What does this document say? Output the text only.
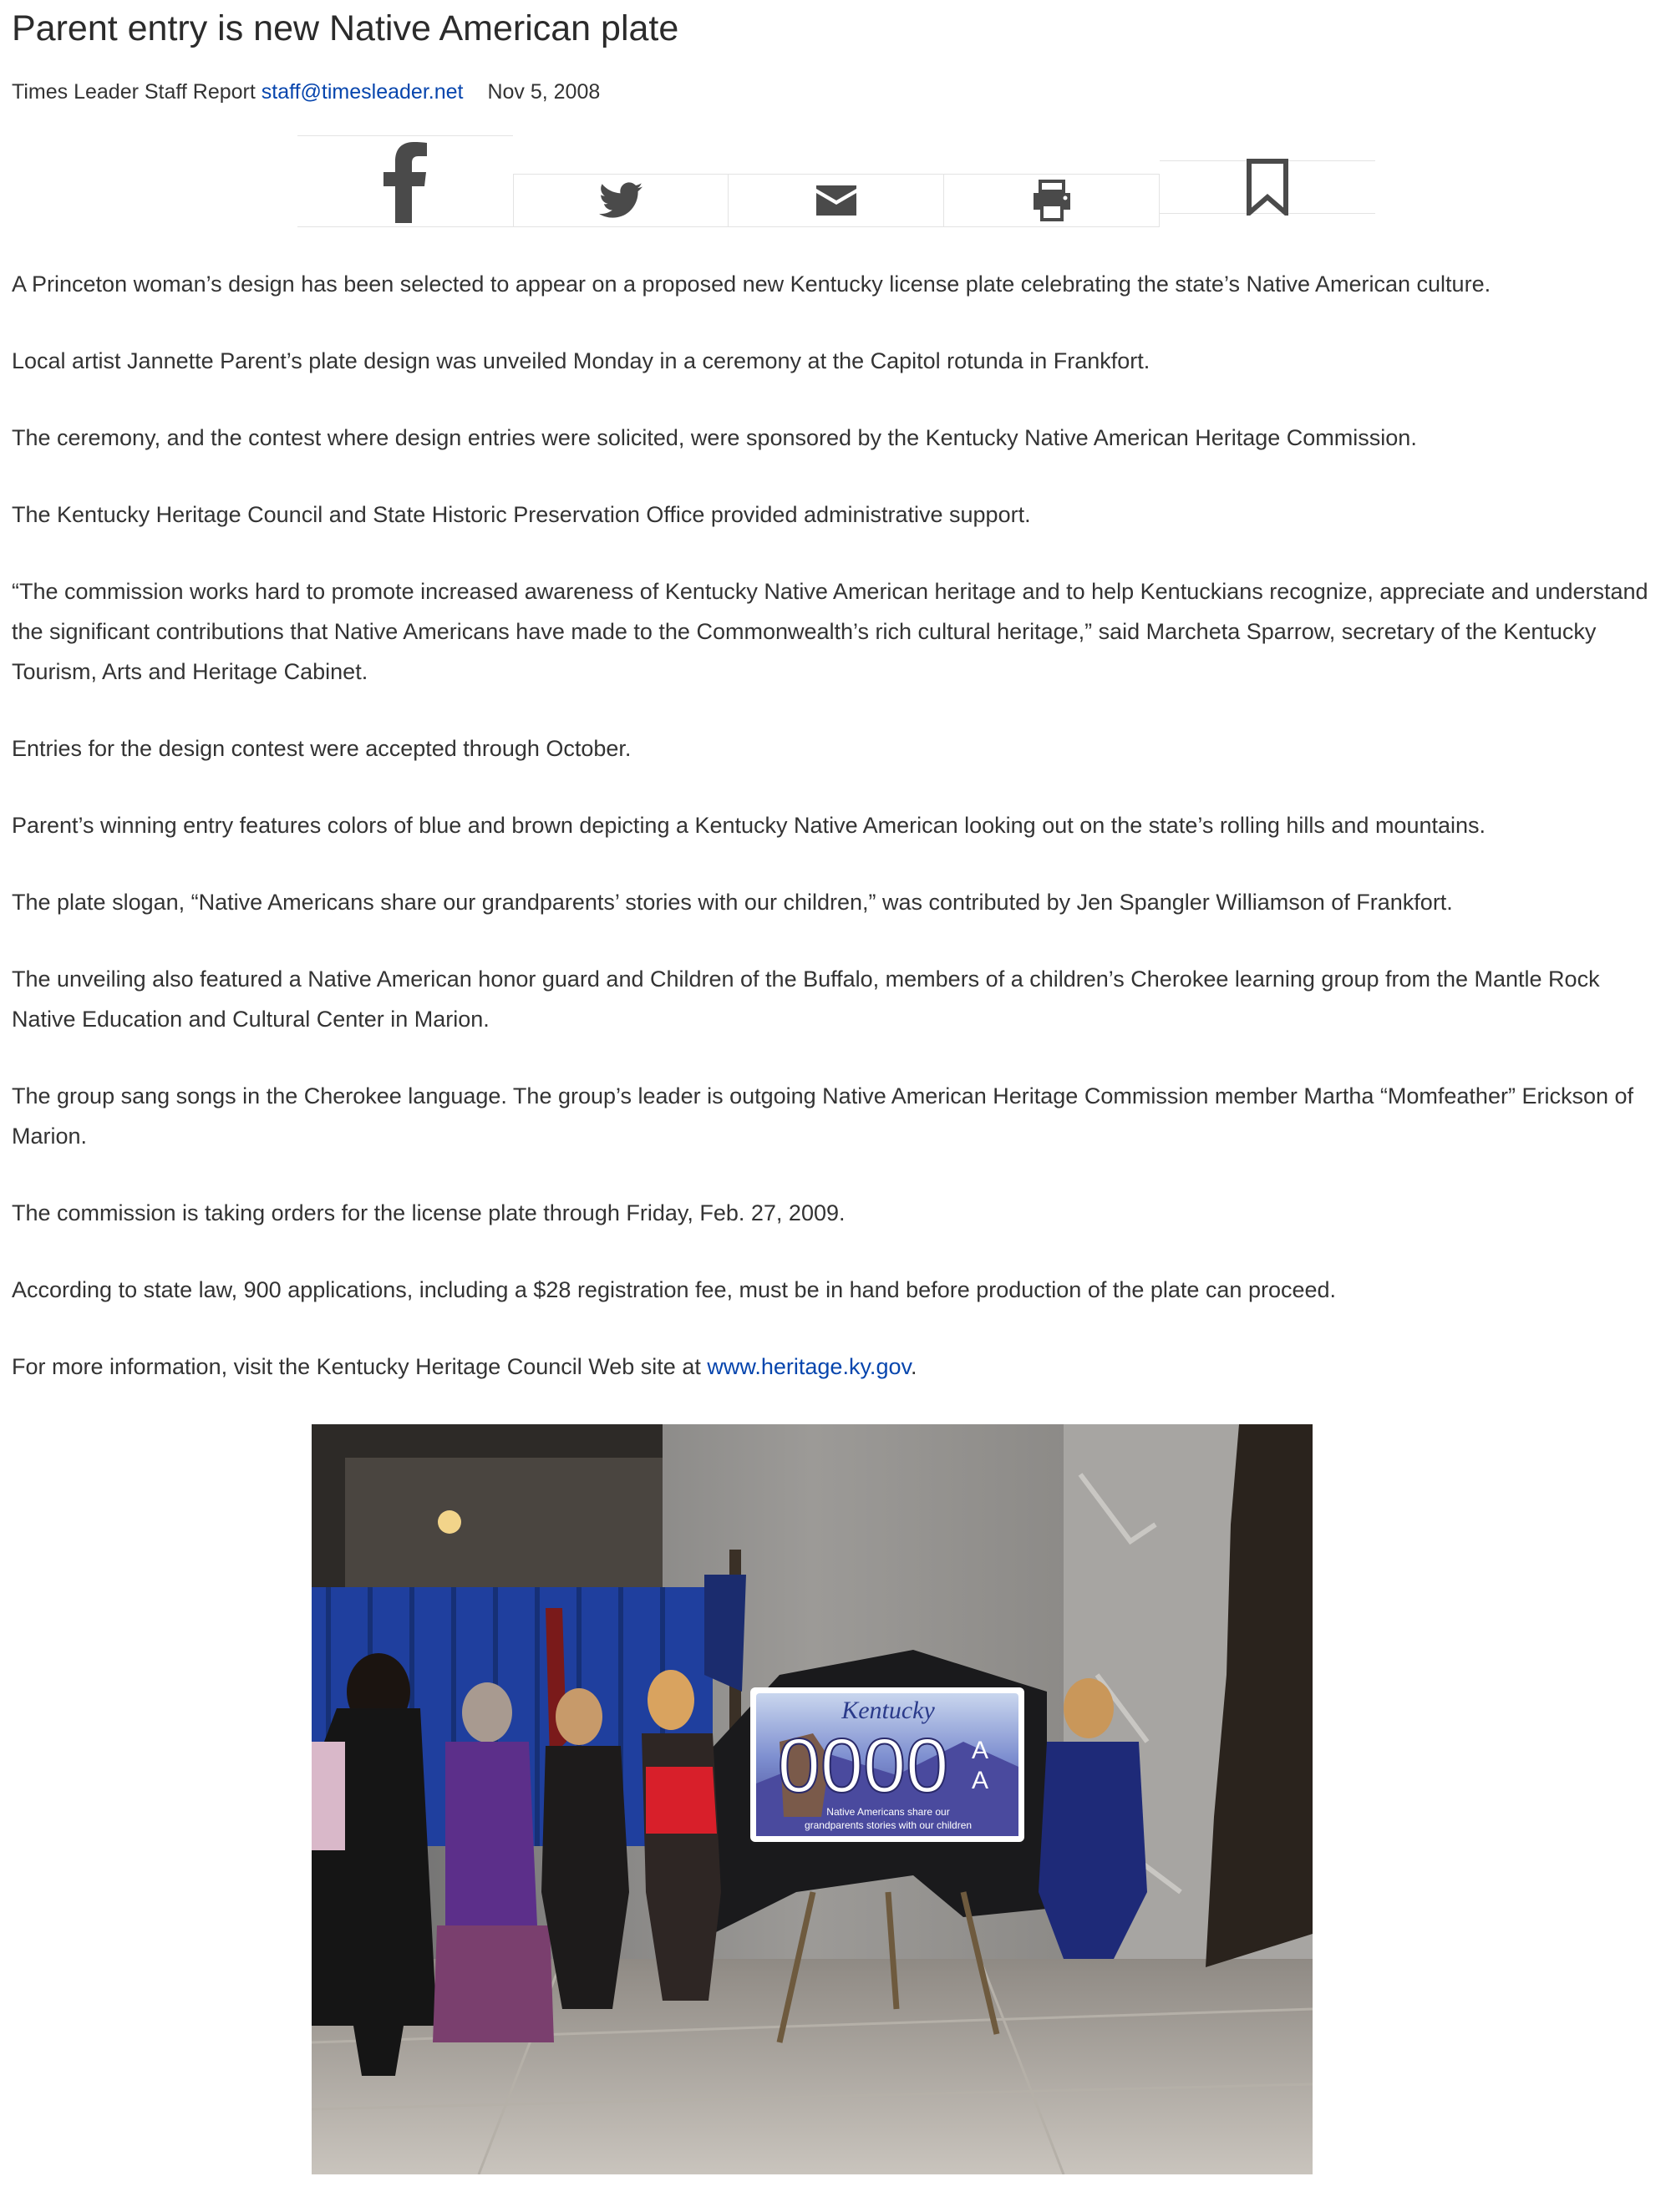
Parent entry is new Native American plate
Times Leader Staff Report staff@timesleader.net Nov 5, 2008

A Princeton woman’s design has been selected to appear on a proposed new Kentucky license plate celebrating the state’s Native American culture.

Local artist Jannette Parent’s plate design was unveiled Monday in a ceremony at the Capitol rotunda in Frankfort.

The ceremony, and the contest where design entries were solicited, were sponsored by the Kentucky Native American Heritage Commission.

The Kentucky Heritage Council and State Historic Preservation Office provided administrative support.

“The commission works hard to promote increased awareness of Kentucky Native American heritage and to help Kentuckians recognize, appreciate and understand the significant contributions that Native Americans have made to the Commonwealth’s rich cultural heritage,” said Marcheta Sparrow, secretary of the Kentucky Tourism, Arts and Heritage Cabinet.

Entries for the design contest were accepted through October.

Parent’s winning entry features colors of blue and brown depicting a Kentucky Native American looking out on the state’s rolling hills and mountains.

The plate slogan, “Native Americans share our grandparents’ stories with our children,” was contributed by Jen Spangler Williamson of Frankfort.

The unveiling also featured a Native American honor guard and Children of the Buffalo, members of a children’s Cherokee learning group from the Mantle Rock Native Education and Cultural Center in Marion.

The group sang songs in the Cherokee language. The group’s leader is outgoing Native American Heritage Commission member Martha “Momfeather” Erickson of Marion.

The commission is taking orders for the license plate through Friday, Feb. 27, 2009.

According to state law, 900 applications, including a $28 registration fee, must be in hand before production of the plate can proceed.

For more information, visit the Kentucky Heritage Council Web site at www.heritage.ky.gov.

Kentucky
0000 A
A
Native Americans share our
grandparents stories with our children
